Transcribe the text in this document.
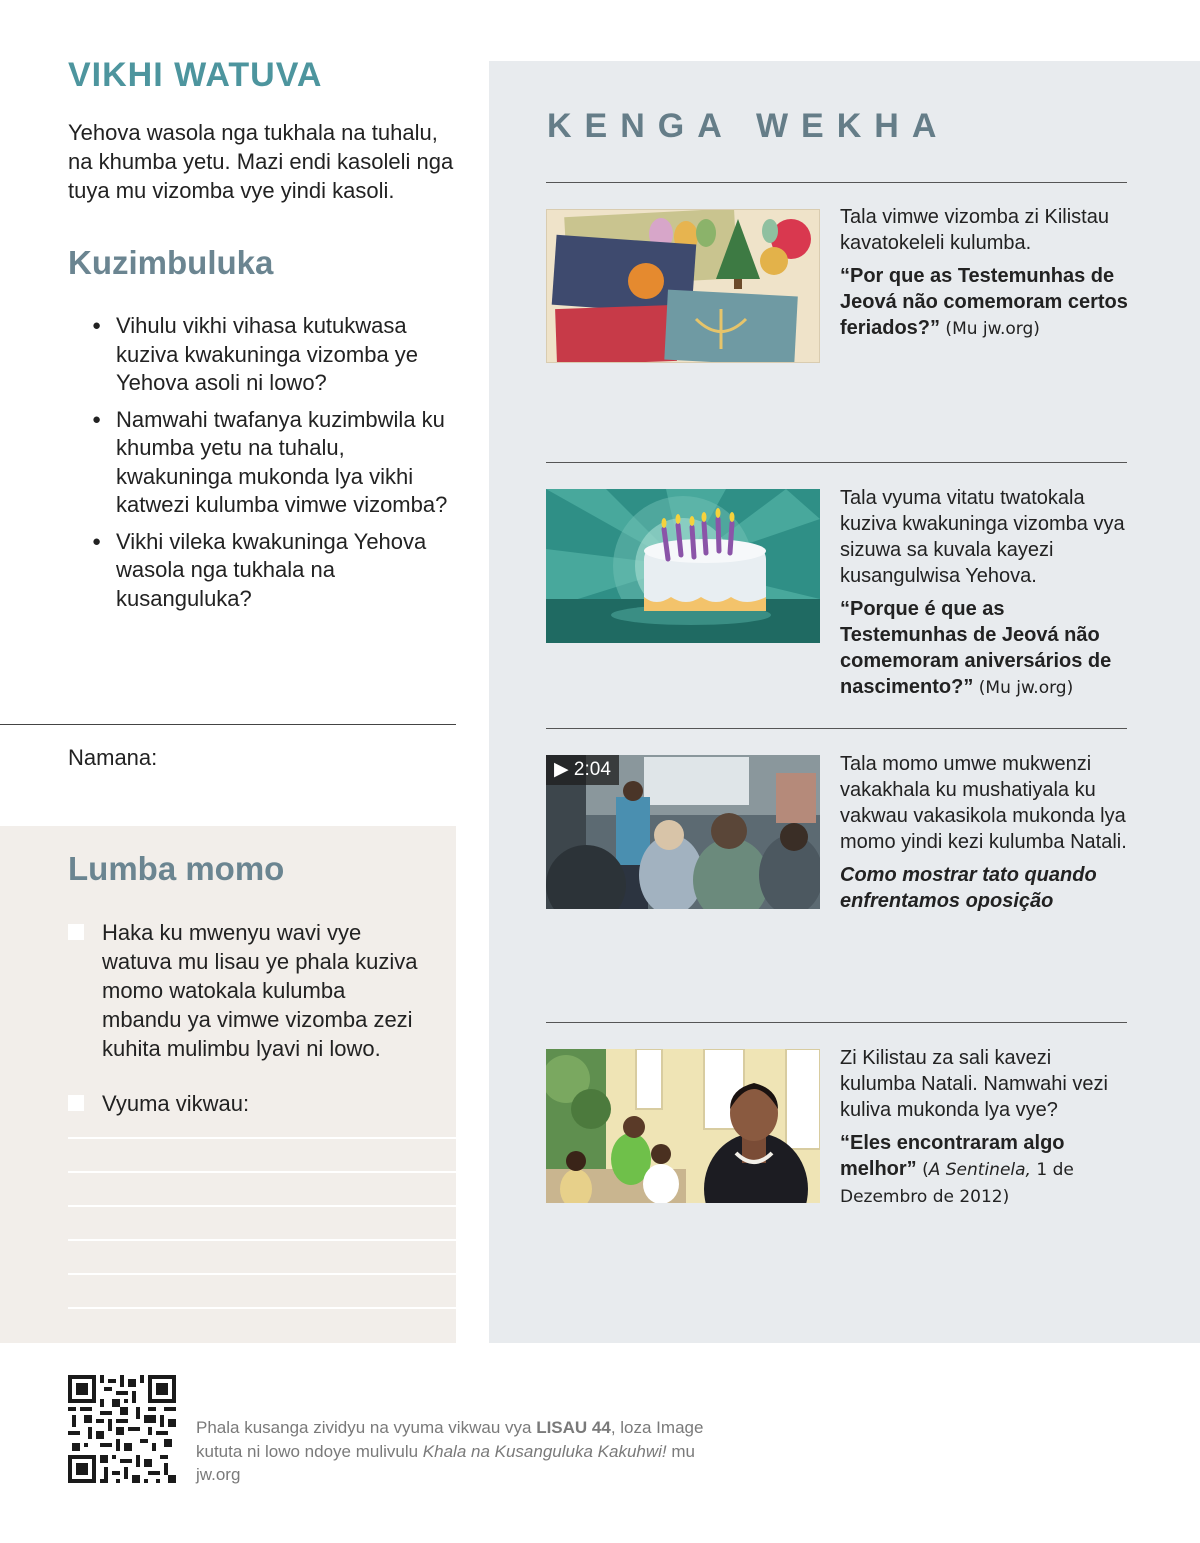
VIKHI WATUVA

Yehova wasola nga tukhala na tuhalu, na khumba yetu. Mazi endi kasoleli nga tuya mu vizomba vye yindi kasoli.

Kuzimbuluka
● Vihulu vikhi vihasa kutukwasa kuziva kwakuninga vizomba ye Yehova asoli ni lowo?
● Namwahi twafanya kuzimbwila ku khumba yetu na tuhalu, kwakuninga mukonda lya vikhi katwezi kulumba vimwe vizomba?
● Vikhi vileka kwakuninga Yehova wasola nga tukhala na kusanguluka?
Namana:
Lumba momo
Haka ku mwenyu wavi vye watuva mu lisau ye phala kuziva momo watokala kulumba mbandu ya vimwe vizomba zezi kuhita mulimbu lyavi ni lowo.
Vyuma vikwau:
KENGA WEKHA

Tala vimwe vizomba zi Kilistau kavatokeleli kulumba.

“Por que as Testemunhas de Jeová não comemoram certos feriados?” (Mu jw.org)

Tala vyuma vitatu twatokala kuziva kwakuninga vizomba vya sizuwa sa kuvala kayezi kusangulwisa Yehova.

“Porque é que as Testemunhas de Jeová não comemoram aniversários de nascimento?” (Mu jw.org)

▶ 2:04	Tala momo umwe mukwenzi vakakhala ku mushatiyala ku vakwau vakasikola mukonda lya momo yindi kezi kulumba Natali.

Como mostrar tato quando enfrentamos oposição

Zi Kilistau za sali kavezi kulumba Natali. Namwahi vezi kuliva mukonda lya vye?

“Eles encontraram algo melhor” (A Sentinela, 1 de Dezembro de 2012)

Phala kusanga zividyu na vyuma vikwau vya LISAU 44, loza Image kututa ni lowo ndoye mulivulu Khala na Kusanguluka Kakuhwi! mu jw.org
